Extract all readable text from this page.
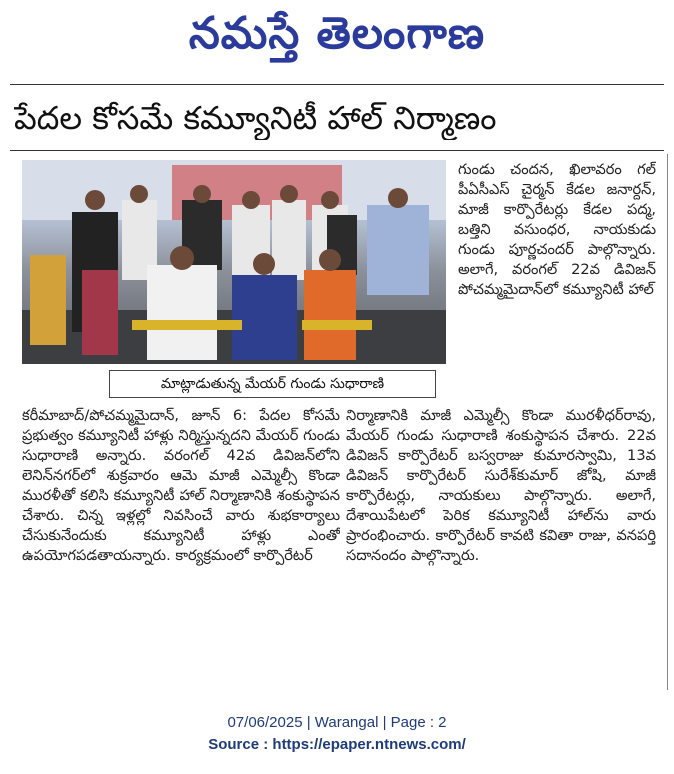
నమస్తే తెలంగాణ
పేదల కోసమే కమ్యూనిటీ హాల్ నిర్మాణం
మాట్లాడుతున్న మేయర్ గుండు సుధారాణి

గుండు చందన, ఖిలావరం గల్ పీఏసీఎస్ చైర్మన్ కేడల జనార్దన్, మాజీ కార్పొరేటర్లు కేడల పద్మ, బత్తిని వసుంధర, నాయకుడు గుండు పూర్ణచందర్ పాల్గొన్నారు. అలాగే, వరంగల్ 22వ డివిజన్ పోచమ్మమైదాన్‌లో కమ్యూనిటీ హాల్

కరీమాబాద్/పోచమ్మమైదాన్, జూన్ 6: పేదల కోసమే ప్రభుత్వం కమ్యూనిటీ హాళ్లు నిర్మిస్తున్నదని మేయర్ గుండు సుధారాణి అన్నారు. వరంగల్ 42వ డివిజన్‌లోని లెనిన్‌నగర్‌లో శుక్రవారం ఆమె మాజీ ఎమ్మెల్సీ కొండా మురళీతో కలిసి కమ్యూనిటీ హాల్ నిర్మాణానికి శంకుస్థాపన చేశారు. చిన్న ఇళ్లల్లో నివసించే వారు శుభకార్యాలు చేసుకునేందుకు కమ్యూనిటీ హాళ్లు ఎంతో ఉపయోగపడతాయన్నారు. కార్యక్రమంలో కార్పొరేటర్

నిర్మాణానికి మాజీ ఎమ్మెల్సీ కొండా మురళీధర్‌రావు, మేయర్ గుండు సుధారాణి శంకుస్థాపన చేశారు. 22వ డివిజన్ కార్పొరేటర్ బస్వరాజు కుమారస్వామి, 13వ డివిజన్ కార్పొరేటర్ సురేశ్‌కుమార్ జోషి, మాజీ కార్పొరేటర్లు, నాయకులు పాల్గొన్నారు. అలాగే, దేశాయిపేటలో పెరిక కమ్యూనిటీ హాల్‌ను వారు ప్రారంభించారు. కార్పొరేటర్ కావటి కవితా రాజు, వనపర్తి సదానందం పాల్గొన్నారు.

07/06/2025 | Warangal | Page : 2
Source : https://epaper.ntnews.com/
